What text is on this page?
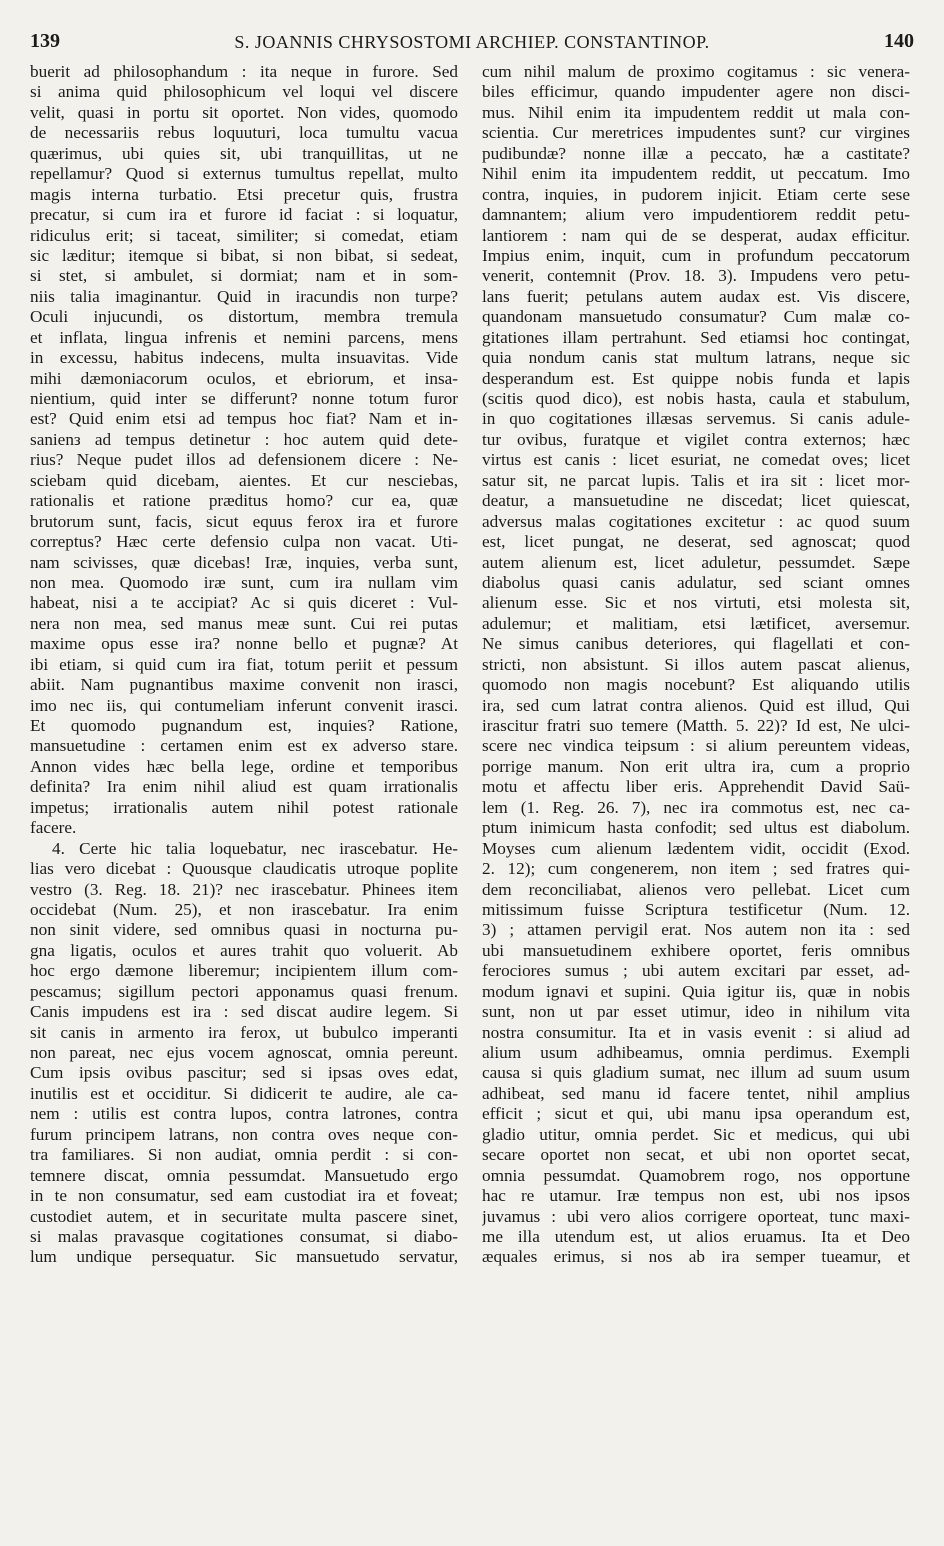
139	S. JOANNIS CHRYSOSTOMI ARCHIEP. CONSTANTINOP.	140
buerit ad philosophandum : ita neque in furore. Sed
si anima quid philosophicum vel loqui vel discere
velit, quasi in portu sit oportet. Non vides, quomodo
de necessariis rebus loquuturi, loca tumultu vacua
quærimus, ubi quies sit, ubi tranquillitas, ut ne
repellamur? Quod si externus tumultus repellat, multo
magis interna turbatio. Etsi precetur quis, frustra
precatur, si cum ira et furore id faciat : si loquatur,
ridiculus erit; si taceat, similiter; si comedat, etiam
sic læditur; itemque si bibat, si non bibat, si sedeat,
si stet, si ambulet, si dormiat; nam et in som-
niis talia imaginantur. Quid in iracundis non turpe?
Oculi injucundi, os distortum, membra tremula
et inflata, lingua infrenis et nemini parcens, mens
in excessu, habitus indecens, multa insuavitas. Vide
mihi dæmoniacorum oculos, et ebriorum, et insa-
nientium, quid inter se differunt? nonne totum furor
est? Quid enim etsi ad tempus hoc fiat? Nam et in-
sanienз ad tempus detinetur : hoc autem quid dete-
rius? Neque pudet illos ad defensionem dicere : Ne-
sciebam quid dicebam, aientes. Et cur nesciebas,
rationalis et ratione præditus homo? cur ea, quæ
brutorum sunt, facis, sicut equus ferox ira et furore
correptus? Hæc certe defensio culpa non vacat. Uti-
nam scivisses, quæ dicebas! Iræ, inquies, verba sunt,
non mea. Quomodo iræ sunt, cum ira nullam vim
habeat, nisi a te accipiat? Ac si quis diceret : Vul-
nera non mea, sed manus meæ sunt. Cui rei putas
maxime opus esse ira? nonne bello et pugnæ? At
ibi etiam, si quid cum ira fiat, totum periit et pessum
abiit. Nam pugnantibus maxime convenit non irasci,
imo nec iis, qui contumeliam inferunt convenit irasci.
Et quomodo pugnandum est, inquies? Ratione,
mansuetudine : certamen enim est ex adverso stare.
Annon vides hæc bella lege, ordine et temporibus
definita? Ira enim nihil aliud est quam irrationalis
impetus; irrationalis autem nihil potest rationale
facere.
4. Certe hic talia loquebatur, nec irascebatur. He-
lias vero dicebat : Quousque claudicatis utroque poplite
vestro (3. Reg. 18. 21)? nec irascebatur. Phinees item
occidebat (Num. 25), et non irascebatur. Ira enim
non sinit videre, sed omnibus quasi in nocturna pu-
gna ligatis, oculos et aures trahit quo voluerit. Ab
hoc ergo dæmone liberemur; incipientem illum com-
pescamus; sigillum pectori apponamus quasi frenum.
Canis impudens est ira : sed discat audire legem. Si
sit canis in armento ira ferox, ut bubulco imperanti
non pareat, nec ejus vocem agnoscat, omnia pereunt.
Cum ipsis ovibus pascitur; sed si ipsas oves edat,
inutilis est et occiditur. Si didicerit te audire, ale ca-
nem : utilis est contra lupos, contra latrones, contra
furum principem latrans, non contra oves neque con-
tra familiares. Si non audiat, omnia perdit : si con-
temnere discat, omnia pessumdat. Mansuetudo ergo
in te non consumatur, sed eam custodiat ira et foveat;
custodiet autem, et in securitate multa pascere sinet,
si malas pravasque cogitationes consumat, si diabo-
lum undique persequatur. Sic mansuetudo servatur,
cum nihil malum de proximo cogitamus : sic venera-
biles efficimur, quando impudenter agere non disci-
mus. Nihil enim ita impudentem reddit ut mala con-
scientia. Cur meretrices impudentes sunt? cur virgines
pudibundæ? nonne illæ a peccato, hæ a castitate?
Nihil enim ita impudentem reddit, ut peccatum. Imo
contra, inquies, in pudorem injicit. Etiam certe sese
damnantem; alium vero impudentiorem reddit petu-
lantiorem : nam qui de se desperat, audax efficitur.
Impius enim, inquit, cum in profundum peccatorum
venerit, contemnit (Prov. 18. 3). Impudens vero petu-
lans fuerit; petulans autem audax est. Vis discere,
quandonam mansuetudo consumatur? Cum malæ co-
gitationes illam pertrahunt. Sed etiamsi hoc contingat,
quia nondum canis stat multum latrans, neque sic
desperandum est. Est quippe nobis funda et lapis
(scitis quod dico), est nobis hasta, caula et stabulum,
in quo cogitationes illæsas servemus. Si canis adule-
tur ovibus, furatque et vigilet contra externos; hæc
virtus est canis : licet esuriat, ne comedat oves; licet
satur sit, ne parcat lupis. Talis et ira sit : licet mor-
deatur, a mansuetudine ne discedat; licet quiescat,
adversus malas cogitationes excitetur : ac quod suum
est, licet pungat, ne deserat, sed agnoscat; quod
autem alienum est, licet aduletur, pessumdet. Sæpe
diabolus quasi canis adulatur, sed sciant omnes
alienum esse. Sic et nos virtuti, etsi molesta sit,
adulemur; et malitiam, etsi lætificet, aversemur.
Ne simus canibus deteriores, qui flagellati et con-
stricti, non absistunt. Si illos autem pascat alienus,
quomodo non magis nocebunt? Est aliquando utilis
ira, sed cum latrat contra alienos. Quid est illud, Qui
irascitur fratri suo temere (Matth. 5. 22)? Id est, Ne ulci-
scere nec vindica teipsum : si alium pereuntem videas,
porrige manum. Non erit ultra ira, cum a proprio
motu et affectu liber eris. Apprehendit David Saü-
lem (1. Reg. 26. 7), nec ira commotus est, nec ca-
ptum inimicum hasta confodit; sed ultus est diabolum.
Moyses cum alienum lædentem vidit, occidit (Exod.
2. 12); cum congenerem, non item ; sed fratres qui-
dem reconciliabat, alienos vero pellebat. Licet cum
mitissimum fuisse Scriptura testificetur (Num. 12.
3) ; attamen pervigil erat. Nos autem non ita : sed
ubi mansuetudinem exhibere oportet, feris omnibus
ferociores sumus ; ubi autem excitari par esset, ad-
modum ignavi et supini. Quia igitur iis, quæ in nobis
sunt, non ut par esset utimur, ideo in nihilum vita
nostra consumitur. Ita et in vasis evenit : si aliud ad
alium usum adhibeamus, omnia perdimus. Exempli
causa si quis gladium sumat, nec illum ad suum usum
adhibeat, sed manu id facere tentet, nihil amplius
efficit ; sicut et qui, ubi manu ipsa operandum est,
gladio utitur, omnia perdet. Sic et medicus, qui ubi
secare oportet non secat, et ubi non oportet secat,
omnia pessumdat. Quamobrem rogo, nos opportune
hac re utamur. Iræ tempus non est, ubi nos ipsos
juvamus : ubi vero alios corrigere oporteat, tunc maxi-
me illa utendum est, ut alios eruamus. Ita et Deo
æquales erimus, si nos ab ira semper tueamur, et
